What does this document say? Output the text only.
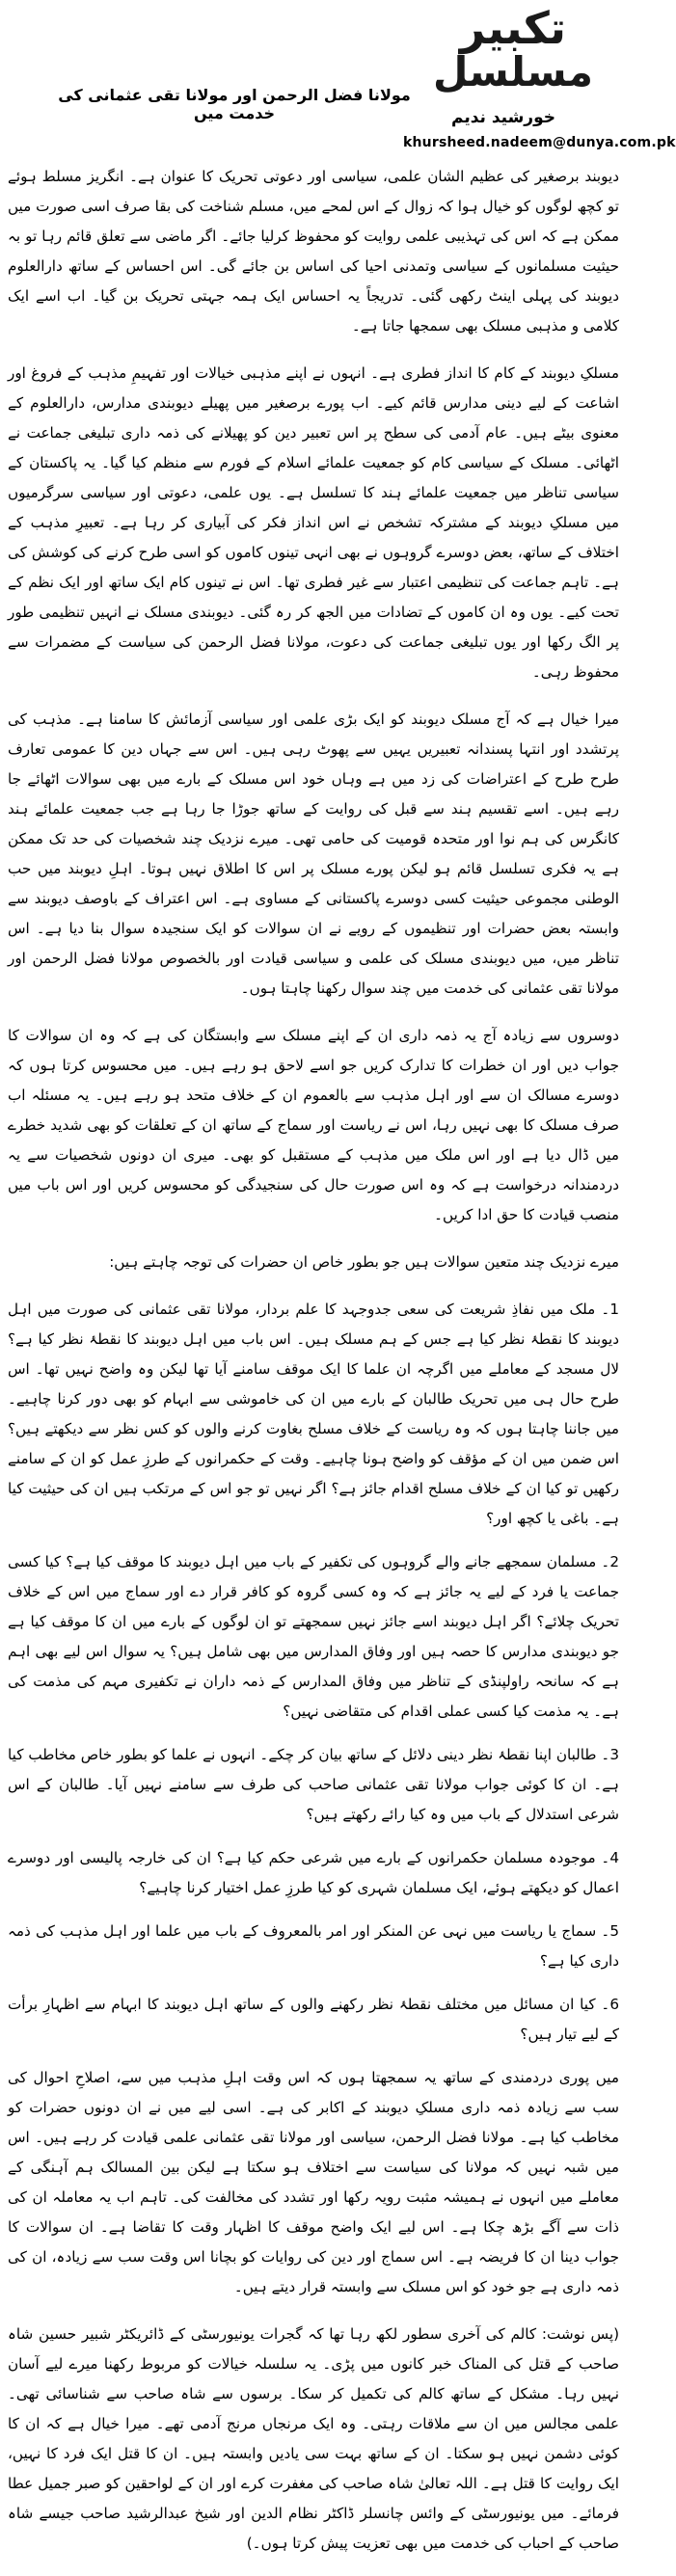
تکبیر
مسلسل
خورشید ندیم
khursheed.nadeem@dunya.com.pk
مولانا فضل الرحمن اور مولانا تقی عثمانی کی خدمت میں

دیوبند برصغیر کی عظیم الشان علمی، سیاسی اور دعوتی تحریک کا عنوان ہے۔ انگریز مسلط ہوئے تو کچھ لوگوں کو خیال ہوا کہ زوال کے اس لمحے میں، مسلم شناخت کی بقا صرف اسی صورت میں ممکن ہے کہ اس کی تہذیبی علمی روایت کو محفوظ کرلیا جائے۔ اگر ماضی سے تعلق قائم رہا تو بہ حیثیت مسلمانوں کے سیاسی وتمدنی احیا کی اساس بن جائے گی۔ اس احساس کے ساتھ دارالعلوم دیوبند کی پہلی اینٹ رکھی گئی۔ تدریجاً یہ احساس ایک ہمہ جہتی تحریک بن گیا۔ اب اسے ایک کلامی و مذہبی مسلک بھی سمجھا جاتا ہے۔

مسلکِ دیوبند کے کام کا انداز فطری ہے۔ انہوں نے اپنے مذہبی خیالات اور تفہیمِ مذہب کے فروغ اور اشاعت کے لیے دینی مدارس قائم کیے۔ اب پورے برصغیر میں پھیلے دیوبندی مدارس، دارالعلوم کے معنوی بیٹے ہیں۔ عام آدمی کی سطح پر اس تعبیر دین کو پھیلانے کی ذمہ داری تبلیغی جماعت نے اٹھائی۔ مسلک کے سیاسی کام کو جمعیت علمائے اسلام کے فورم سے منظم کیا گیا۔ یہ پاکستان کے سیاسی تناظر میں جمعیت علمائے ہند کا تسلسل ہے۔ یوں علمی، دعوتی اور سیاسی سرگرمیوں میں مسلکِ دیوبند کے مشترکہ تشخص نے اس انداز فکر کی آبیاری کر رہا ہے۔ تعبیرِ مذہب کے اختلاف کے ساتھ، بعض دوسرے گروہوں نے بھی انہی تینوں کاموں کو اسی طرح کرنے کی کوشش کی ہے۔ تاہم جماعت کی تنظیمی اعتبار سے غیر فطری تھا۔ اس نے تینوں کام ایک ساتھ اور ایک نظم کے تحت کیے۔ یوں وہ ان کاموں کے تضادات میں الجھ کر رہ گئی۔ دیوبندی مسلک نے انہیں تنظیمی طور پر الگ رکھا اور یوں تبلیغی جماعت کی دعوت، مولانا فضل الرحمن کی سیاست کے مضمرات سے محفوظ رہی۔

میرا خیال ہے کہ آج مسلک دیوبند کو ایک بڑی علمی اور سیاسی آزمائش کا سامنا ہے۔ مذہب کی پرتشدد اور انتہا پسندانہ تعبیریں یہیں سے پھوٹ رہی ہیں۔ اس سے جہاں دین کا عمومی تعارف طرح طرح کے اعتراضات کی زد میں ہے وہاں خود اس مسلک کے بارے میں بھی سوالات اٹھائے جا رہے ہیں۔ اسے تقسیم ہند سے قبل کی روایت کے ساتھ جوڑا جا رہا ہے جب جمعیت علمائے ہند کانگرس کی ہم نوا اور متحدہ قومیت کی حامی تھی۔ میرے نزدیک چند شخصیات کی حد تک ممکن ہے یہ فکری تسلسل قائم ہو لیکن پورے مسلک پر اس کا اطلاق نہیں ہوتا۔ اہلِ دیوبند میں حب الوطنی مجموعی حیثیت کسی دوسرے پاکستانی کے مساوی ہے۔ اس اعتراف کے باوصف دیوبند سے وابستہ بعض حضرات اور تنظیموں کے رویے نے ان سوالات کو ایک سنجیدہ سوال بنا دیا ہے۔ اس تناظر میں، میں دیوبندی مسلک کی علمی و سیاسی قیادت اور بالخصوص مولانا فضل الرحمن اور مولانا تقی عثمانی کی خدمت میں چند سوال رکھنا چاہتا ہوں۔

دوسروں سے زیادہ آج یہ ذمہ داری ان کے اپنے مسلک سے وابستگان کی ہے کہ وہ ان سوالات کا جواب دیں اور ان خطرات کا تدارک کریں جو اسے لاحق ہو رہے ہیں۔ میں محسوس کرتا ہوں کہ دوسرے مسالک ان سے اور اہل مذہب سے بالعموم ان کے خلاف متحد ہو رہے ہیں۔ یہ مسئلہ اب صرف مسلک کا بھی نہیں رہا، اس نے ریاست اور سماج کے ساتھ ان کے تعلقات کو بھی شدید خطرے میں ڈال دیا ہے اور اس ملک میں مذہب کے مستقبل کو بھی۔ میری ان دونوں شخصیات سے یہ دردمندانہ درخواست ہے کہ وہ اس صورت حال کی سنجیدگی کو محسوس کریں اور اس باب میں منصب قیادت کا حق ادا کریں۔

میرے نزدیک چند متعین سوالات ہیں جو بطور خاص ان حضرات کی توجہ چاہتے ہیں:

1۔ ملک میں نفاذِ شریعت کی سعی جدوجہد کا علم بردار، مولانا تقی عثمانی کی صورت میں اہل دیوبند کا نقطۂ نظر کیا ہے جس کے ہم مسلک ہیں۔ اس باب میں اہل دیوبند کا نقطۂ نظر کیا ہے؟ لال مسجد کے معاملے میں اگرچہ ان علما کا ایک موقف سامنے آیا تھا لیکن وہ واضح نہیں تھا۔ اس طرح حال ہی میں تحریک طالبان کے بارے میں ان کی خاموشی سے ابہام کو بھی دور کرنا چاہیے۔ میں جاننا چاہتا ہوں کہ وہ ریاست کے خلاف مسلح بغاوت کرنے والوں کو کس نظر سے دیکھتے ہیں؟ اس ضمن میں ان کے مؤقف کو واضح ہونا چاہیے۔ وقت کے حکمرانوں کے طرزِ عمل کو ان کے سامنے رکھیں تو کیا ان کے خلاف مسلح اقدام جائز ہے؟ اگر نہیں تو جو اس کے مرتکب ہیں ان کی حیثیت کیا ہے۔ باغی یا کچھ اور؟

2۔ مسلمان سمجھے جانے والے گروہوں کی تکفیر کے باب میں اہل دیوبند کا موقف کیا ہے؟ کیا کسی جماعت یا فرد کے لیے یہ جائز ہے کہ وہ کسی گروہ کو کافر قرار دے اور سماج میں اس کے خلاف تحریک چلائے؟ اگر اہل دیوبند اسے جائز نہیں سمجھتے تو ان لوگوں کے بارے میں ان کا موقف کیا ہے جو دیوبندی مدارس کا حصہ ہیں اور وفاق المدارس میں بھی شامل ہیں؟ یہ سوال اس لیے بھی اہم ہے کہ سانحہ راولپنڈی کے تناظر میں وفاق المدارس کے ذمہ داران نے تکفیری مہم کی مذمت کی ہے۔ یہ مذمت کیا کسی عملی اقدام کی متقاضی نہیں؟

3۔ طالبان اپنا نقطۂ نظر دینی دلائل کے ساتھ بیان کر چکے۔ انہوں نے علما کو بطور خاص مخاطب کیا ہے۔ ان کا کوئی جواب مولانا تقی عثمانی صاحب کی طرف سے سامنے نہیں آیا۔ طالبان کے اس شرعی استدلال کے باب میں وہ کیا رائے رکھتے ہیں؟

4۔ موجودہ مسلمان حکمرانوں کے بارے میں شرعی حکم کیا ہے؟ ان کی خارجہ پالیسی اور دوسرے اعمال کو دیکھتے ہوئے، ایک مسلمان شہری کو کیا طرزِ عمل اختیار کرنا چاہیے؟

5۔ سماج یا ریاست میں نہی عن المنکر اور امر بالمعروف کے باب میں علما اور اہل مذہب کی ذمہ داری کیا ہے؟

6۔ کیا ان مسائل میں مختلف نقطۂ نظر رکھنے والوں کے ساتھ اہل دیوبند کا ابہام سے اظہارِ برأت کے لیے تیار ہیں؟

میں پوری دردمندی کے ساتھ یہ سمجھتا ہوں کہ اس وقت اہلِ مذہب میں سے، اصلاحِ احوال کی سب سے زیادہ ذمہ داری مسلکِ دیوبند کے اکابر کی ہے۔ اسی لیے میں نے ان دونوں حضرات کو مخاطب کیا ہے۔ مولانا فضل الرحمن، سیاسی اور مولانا تقی عثمانی علمی قیادت کر رہے ہیں۔ اس میں شبہ نہیں کہ مولانا کی سیاست سے اختلاف ہو سکتا ہے لیکن بین المسالک ہم آہنگی کے معاملے میں انہوں نے ہمیشہ مثبت رویہ رکھا اور تشدد کی مخالفت کی۔ تاہم اب یہ معاملہ ان کی ذات سے آگے بڑھ چکا ہے۔ اس لیے ایک واضح موقف کا اظہار وقت کا تقاضا ہے۔ ان سوالات کا جواب دینا ان کا فریضہ ہے۔ اس سماج اور دین کی روایات کو بچانا اس وقت سب سے زیادہ، ان کی ذمہ داری ہے جو خود کو اس مسلک سے وابستہ قرار دیتے ہیں۔

(پس نوشت: کالم کی آخری سطور لکھ رہا تھا کہ گجرات یونیورسٹی کے ڈائریکٹر شبیر حسین شاہ صاحب کے قتل کی المناک خبر کانوں میں پڑی۔ یہ سلسلہ خیالات کو مربوط رکھنا میرے لیے آسان نہیں رہا۔ مشکل کے ساتھ کالم کی تکمیل کر سکا۔ برسوں سے شاہ صاحب سے شناسائی تھی۔ علمی مجالس میں ان سے ملاقات رہتی۔ وہ ایک مرنجاں مرنج آدمی تھے۔ میرا خیال ہے کہ ان کا کوئی دشمن نہیں ہو سکتا۔ ان کے ساتھ بہت سی یادیں وابستہ ہیں۔ ان کا قتل ایک فرد کا نہیں، ایک روایت کا قتل ہے۔ اللہ تعالیٰ شاہ صاحب کی مغفرت کرے اور ان کے لواحقین کو صبر جمیل عطا فرمائے۔ میں یونیورسٹی کے وائس چانسلر ڈاکٹر نظام الدین اور شیخ عبدالرشید صاحب جیسے شاہ صاحب کے احباب کی خدمت میں بھی تعزیت پیش کرتا ہوں۔)
